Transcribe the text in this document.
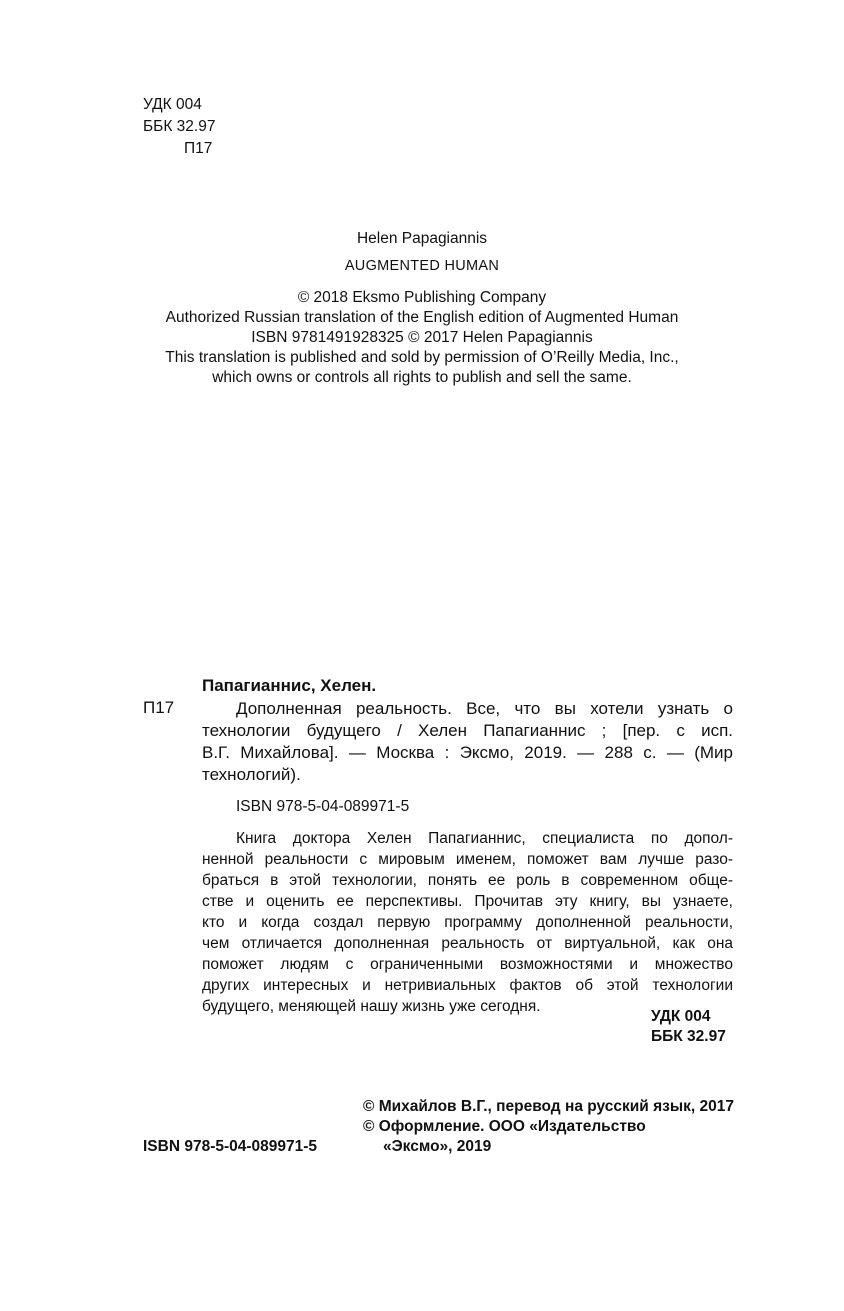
УДК 004
ББК 32.97
П17
Helen Papagiannis
AUGMENTED HUMAN
© 2018 Eksmo Publishing Company
Authorized Russian translation of the English edition of Augmented Human
ISBN 9781491928325 © 2017 Helen Papagiannis
This translation is published and sold by permission of O’Reilly Media, Inc.,
which owns or controls all rights to publish and sell the same.
Папагианнис, Хелен.
П17	Дополненная реальность. Все, что вы хотели узнать о
технологии будущего / Хелен Папагианнис ; [пер. с исп.
В.Г. Михайлова]. — Москва : Эксмо, 2019. — 288 с. — (Мир
технологий).
ISBN 978-5-04-089971-5
Книга доктора Хелен Папагианнис, специалиста по допол-
ненной реальности с мировым именем, поможет вам лучше разо-
браться в этой технологии, понять ее роль в современном обще-
стве и оценить ее перспективы. Прочитав эту книгу, вы узнаете,
кто и когда создал первую программу дополненной реальности,
чем отличается дополненная реальность от виртуальной, как она
поможет людям с ограниченными возможностями и множество
других интересных и нетривиальных фактов об этой технологии
будущего, меняющей нашу жизнь уже сегодня.
УДК 004
ББК 32.97
© Михайлов В.Г., перевод на русский язык, 2017
© Оформление. ООО «Издательство
ISBN 978-5-04-089971-5	«Эксмо», 2019
